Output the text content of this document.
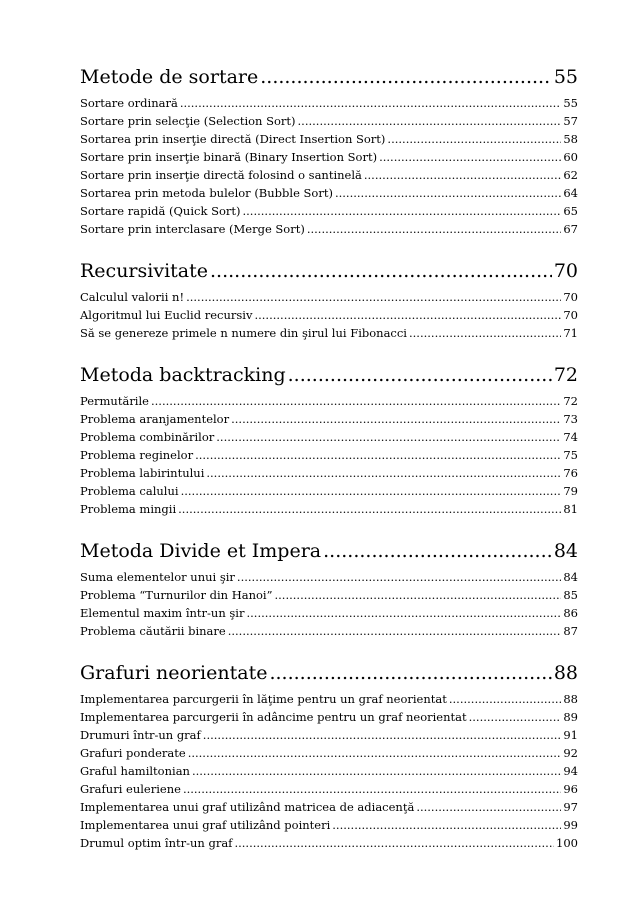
Metode de sortare .....	55
Sortare ordinară .....	55
Sortare prin selecţie (Selection Sort) .....	57
Sortarea prin inserţie directă (Direct Insertion Sort) .....	58
Sortare prin inserţie binară (Binary Insertion Sort) .....	60
Sortare prin inserţie directă folosind o santinelă .....	62
Sortarea prin metoda bulelor (Bubble Sort) .....	64
Sortare rapidă (Quick Sort) .....	65
Sortare prin interclasare (Merge Sort) .....	67
Recursivitate .....	70
Calculul valorii n! .....	70
Algoritmul lui Euclid recursiv .....	70
Să se genereze primele n numere din şirul lui Fibonacci .....	71
Metoda backtracking .....	72
Permutările .....	72
Problema aranjamentelor .....	73
Problema combinărilor .....	74
Problema reginelor .....	75
Problema labirintului .....	76
Problema calului .....	79
Problema mingii .....	81
Metoda Divide et Impera .....	84
Suma elementelor unui şir .....	84
Problema “Turnurilor din Hanoi” .....	85
Elementul maxim într-un şir .....	86
Problema căutării binare .....	87
Grafuri neorientate .....	88
Implementarea parcurgerii în lăţime pentru un graf neorientat .....	88
Implementarea parcurgerii în adâncime pentru un graf neorientat .....	89
Drumuri într-un graf .....	91
Grafuri ponderate .....	92
Graful hamiltonian .....	94
Grafuri euleriene .....	96
Implementarea unui graf utilizând matricea de adiacenţă .....	97
Implementarea unui graf utilizând pointeri .....	99
Drumul optim într-un graf .....	100
